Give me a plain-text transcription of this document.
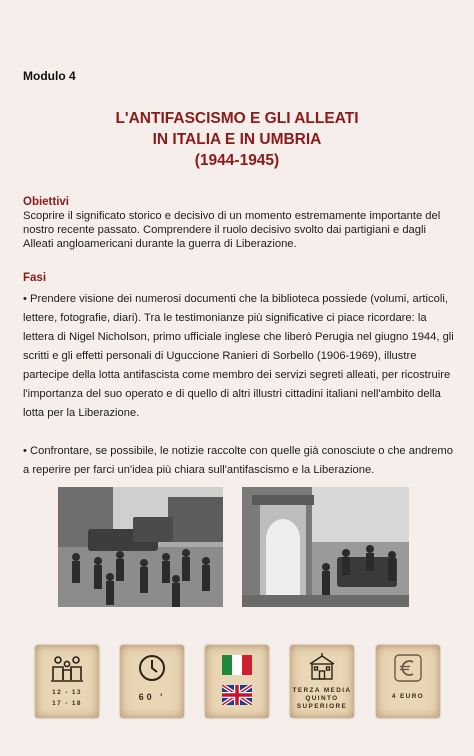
Modulo 4
L'ANTIFASCISMO E GLI ALLEATI
IN ITALIA E IN UMBRIA
(1944-1945)
Obiettivi
Scoprire il significato storico e decisivo di un momento estremamente importante del nostro recente passato. Comprendere il ruolo decisivo svolto dai partigiani e dagli Alleati angloamericani durante la guerra di Liberazione.
Fasi

• Prendere visione dei numerosi documenti che la biblioteca possiede (volumi, articoli, lettere, fotografie, diari). Tra le testimonianze più significative ci piace ricordare: la lettera di Nigel Nicholson, primo ufficiale inglese che liberò Perugia nel giugno 1944, gli scritti e gli effetti personali di Uguccione Ranieri di Sorbello (1906-1969), illustre partecipe della lotta antifascista come membro dei servizi segreti alleati, per ricostruire l'importanza del suo operato e di quello di altri illustri cittadini italiani nell'ambito della lotta per la Liberazione.

• Confrontare, se possibile, le notizie raccolte con quelle già conosciute o che andremo a reperire per farci un'idea più chiara sull'antifascismo e la Liberazione.

12 - 13
17 - 18
60 '
TERZA MEDIA
QUINTO
SUPERIORE
4 EURO
